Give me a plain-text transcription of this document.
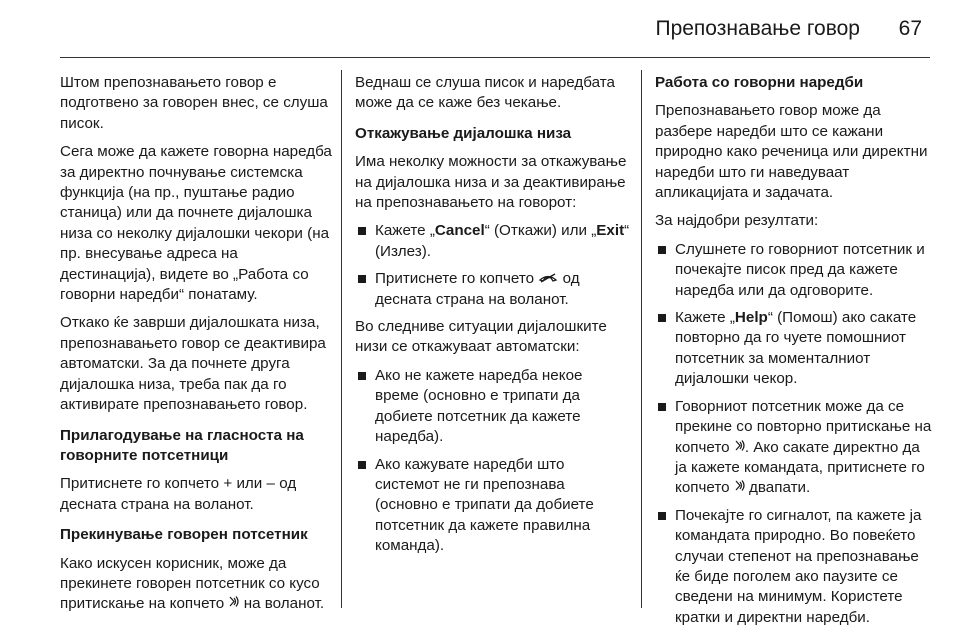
Препознавање говор 67

Штом препознавањето говор е подготвено за говорен внес, се слуша писок.

Сега може да кажете говорна наредба за директно почнување системска функција (на пр., пуштање радио станица) или да почнете дијалошка низа со неколку дијалошки чекори (на пр. внесување адреса на дестинација), видете во „Работа со говорни наредби“ понатаму.

Откако ќе заврши дијалошката низа, препознавањето говор се деактивира автоматски. За да почнете друга дијалошка низа, треба пак да го активирате препознавањето говор.

Прилагодување на гласноста на говорните потсетници

Притиснете го копчето + или – од десната страна на воланот.

Прекинување говорен потсетник

Како искусен корисник, може да прекинете говорен потсетник со кусо притискање на копчето на воланот.

Веднаш се слуша писок и наредбата може да се каже без чекање.

Откажување дијалошка низа

Има неколку можности за откажување на дијалошка низа и за деактивирање на препознавањето на говорот:

Кажете „Cancel“ (Откажи) или „Exit“ (Излез).
Притиснете го копчето од десната страна на воланот.

Во следниве ситуации дијалошките низи се откажуваат автоматски:

Ако не кажете наредба некое време (основно е трипати да добиете потсетник да кажете наредба).
Ако кажувате наредби што системот не ги препознава (основно е трипати да добиете потсетник да кажете правилна команда).

Работа со говорни наредби

Препознавањето говор може да разбере наредби што се кажани природно како реченица или директни наредби што ги наведуваат апликацијата и задачата.

За најдобри резултати:

Слушнете го говорниот потсетник и почекајте писок пред да кажете наредба или да одговорите.
Кажете „Help“ (Помош) ако сакате повторно да го чуете помошниот потсетник за моменталниот дијалошки чекор.
Говорниот потсетник може да се прекине со повторно притискање на копчето . Ако сакате директно да ја кажете командата, притиснете го копчето двапати.
Почекајте го сигналот, па кажете ја командата природно. Во повеќето случаи степенот на препознавање ќе биде поголем ако паузите се сведени на минимум. Користете кратки и директни наредби.
